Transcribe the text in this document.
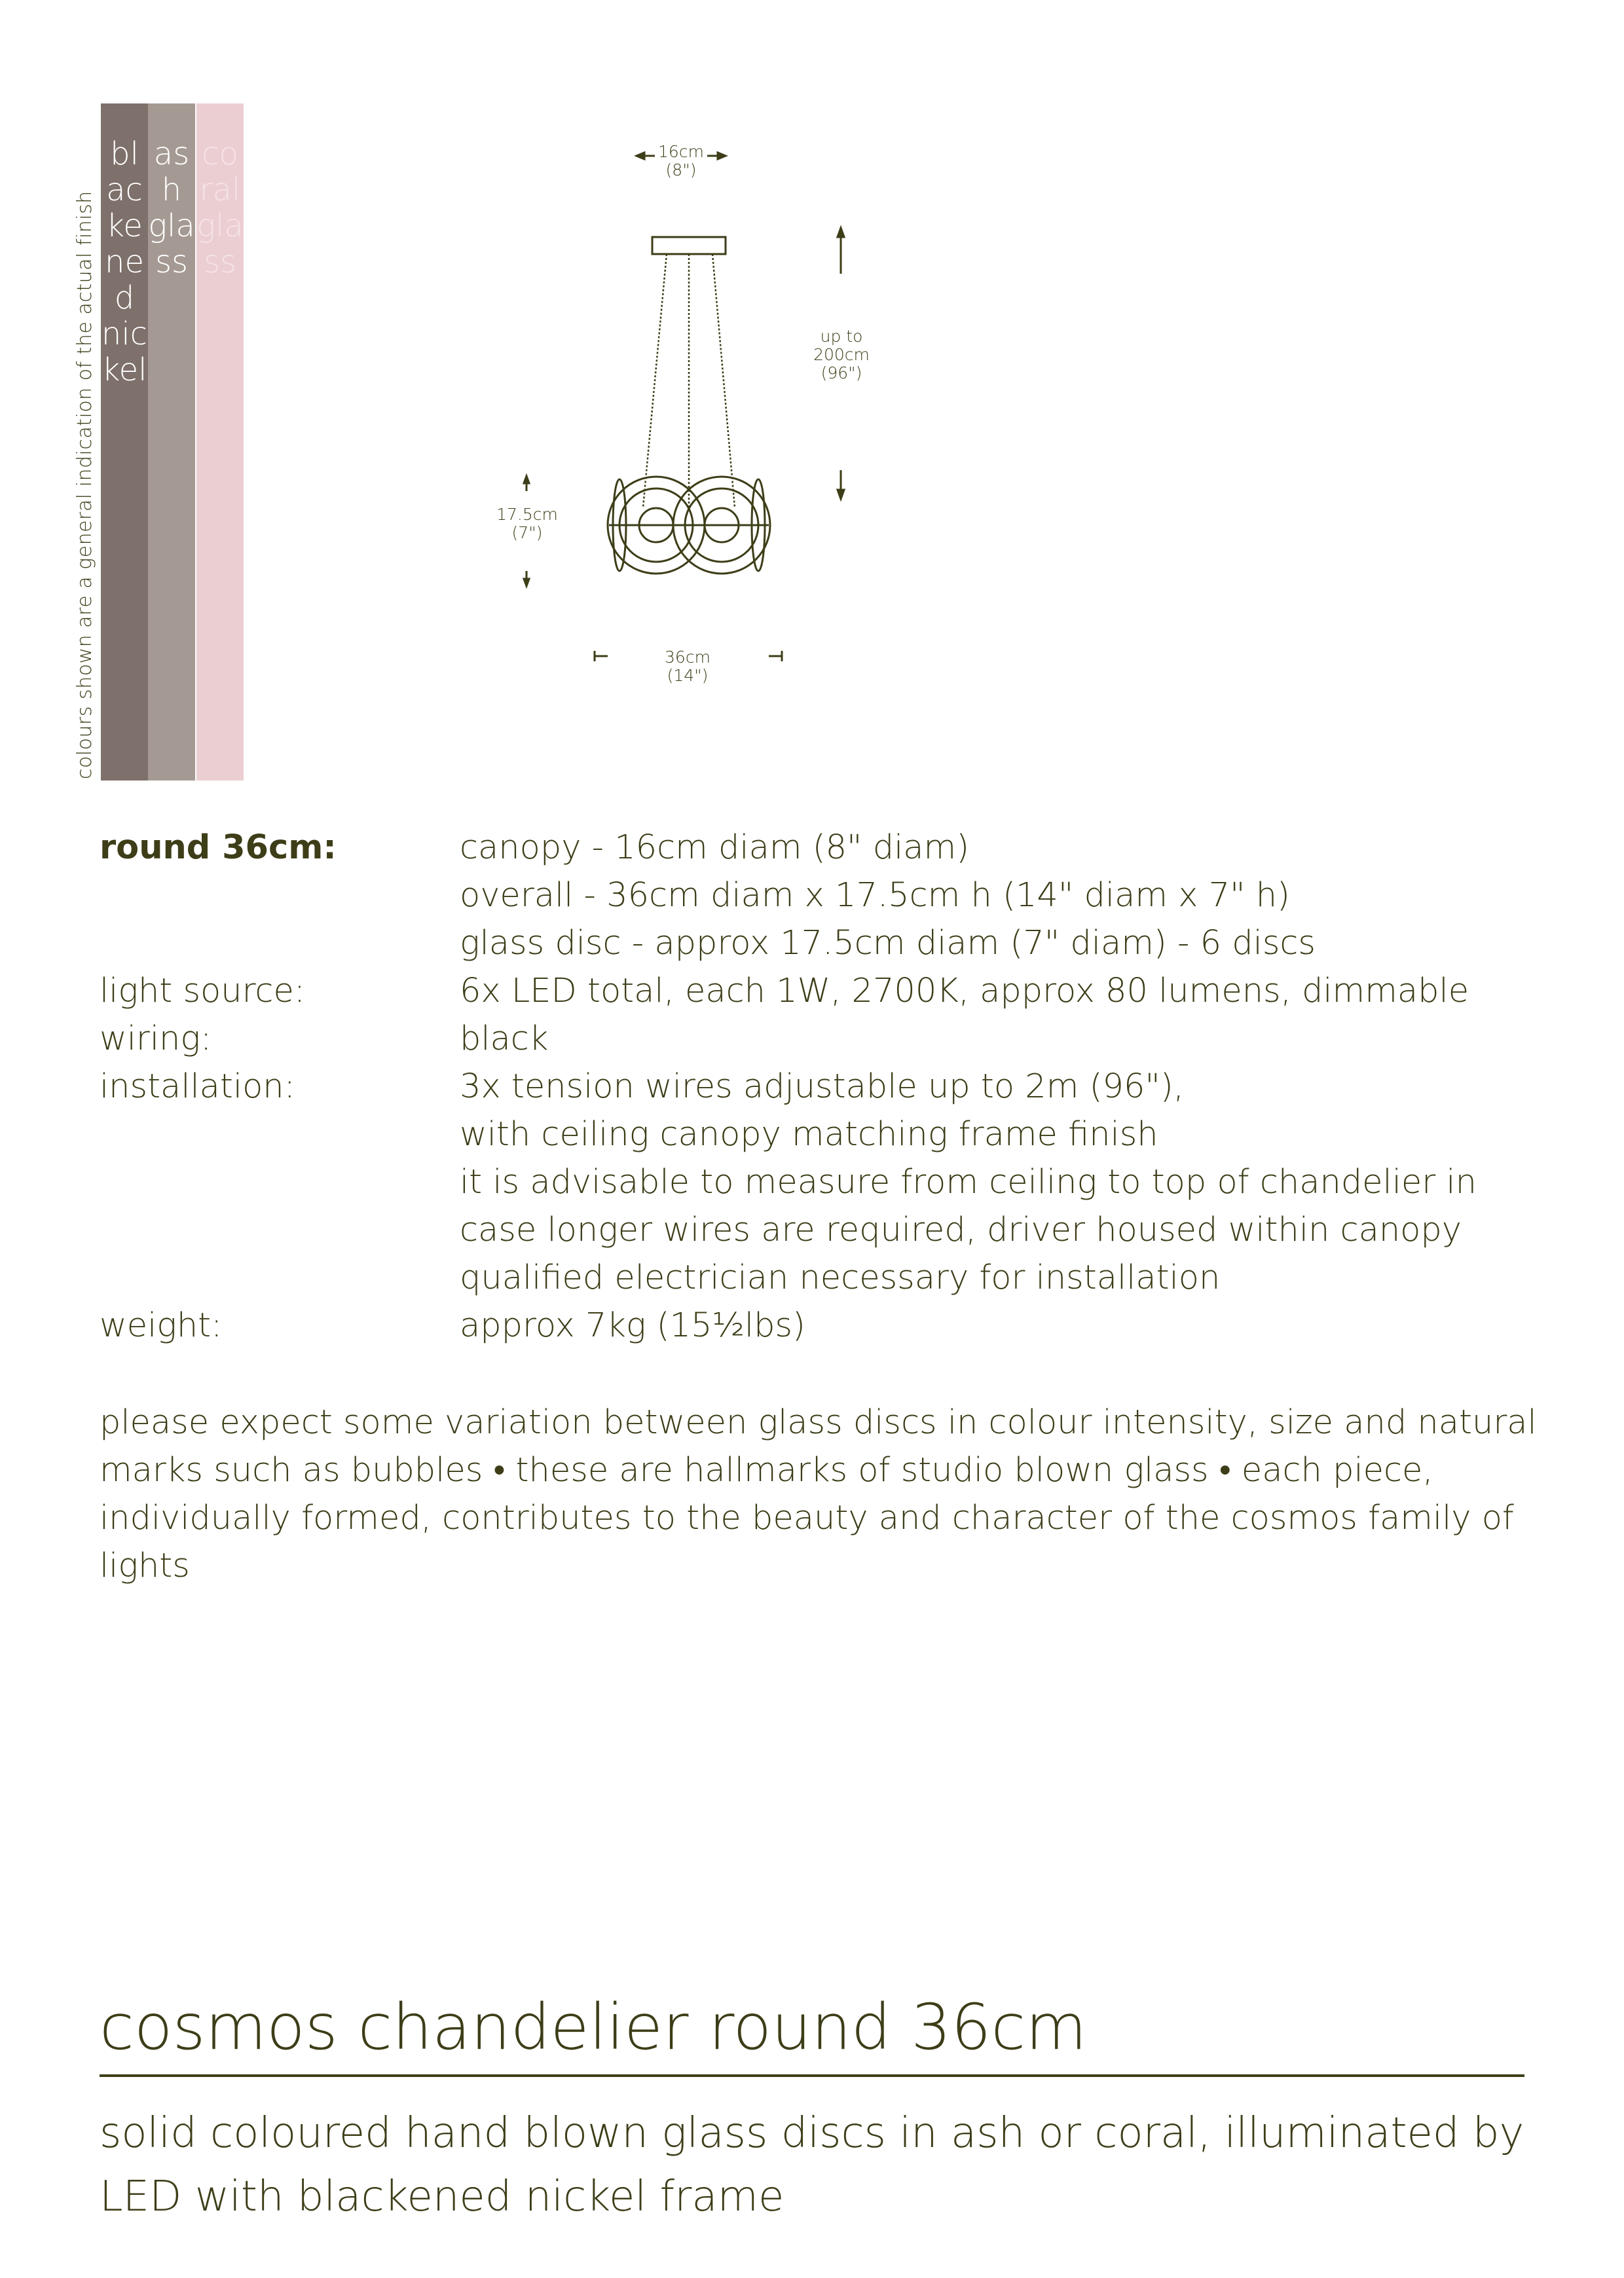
colours shown are a general indication of the actual finish
blackened nickel
ash glass
coral glass
16cm
(8")
up to
200cm
(96")
17.5cm
(7")
36cm
(14")
round 36cm:	canopy - 16cm diam (8" diam)
overall - 36cm diam x 17.5cm h (14" diam x 7" h)
glass disc - approx 17.5cm diam (7" diam) - 6 discs
light source:	6x LED total, each 1W, 2700K, approx 80 lumens, dimmable
wiring:	black
installation:	3x tension wires adjustable up to 2m (96"),
with ceiling canopy matching frame finish
it is advisable to measure from ceiling to top of chandelier in
case longer wires are required, driver housed within canopy
qualified electrician necessary for installation
weight:	approx 7kg (15½lbs)
please expect some variation between glass discs in colour intensity, size and natural marks such as bubbles • these are hallmarks of studio blown glass • each piece, individually formed, contributes to the beauty and character of the cosmos family of lights
cosmos chandelier round 36cm
solid coloured hand blown glass discs in ash or coral, illuminated by LED with blackened nickel frame
